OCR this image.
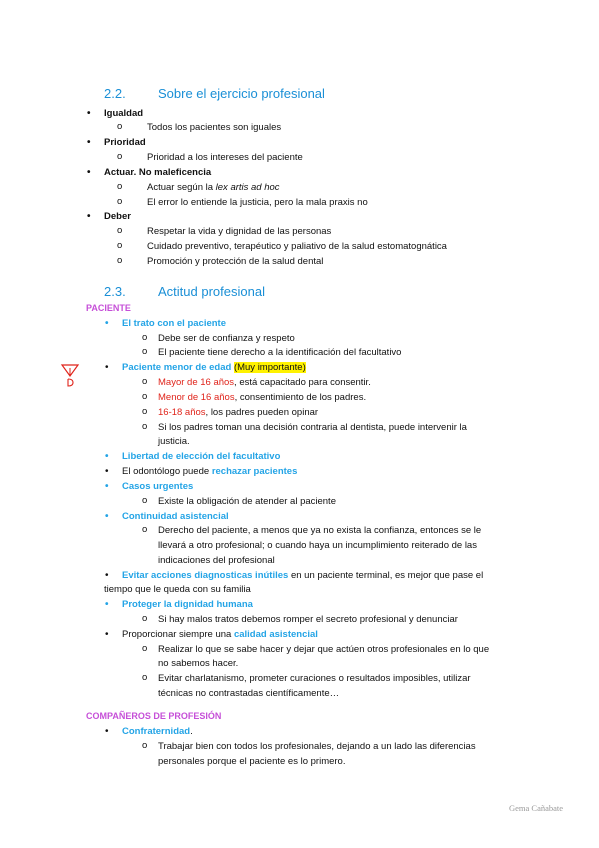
2.2. Sobre el ejercicio profesional
• Igualdad
o Todos los pacientes son iguales
• Prioridad
o Prioridad a los intereses del paciente
• Actuar. No maleficencia
o Actuar según la lex artis ad hoc
o El error lo entiende la justicia, pero la mala praxis no
• Deber
o Respetar la vida y dignidad de las personas
o Cuidado preventivo, terapéutico y paliativo de la salud estomatognática
o Promoción y protección de la salud dental
2.3. Actitud profesional
PACIENTE
• El trato con el paciente
o Debe ser de confianza y respeto
o El paciente tiene derecho a la identificación del facultativo
• Paciente menor de edad (Muy importante)
o Mayor de 16 años, está capacitado para consentir.
o Menor de 16 años, consentimiento de los padres.
o 16-18 años, los padres pueden opinar
o Si los padres toman una decisión contraria al dentista, puede intervenir la
justicia.
• Libertad de elección del facultativo
• El odontólogo puede rechazar pacientes
• Casos urgentes
o Existe la obligación de atender al paciente
• Continuidad asistencial
o Derecho del paciente, a menos que ya no exista la confianza, entonces se le
llevará a otro profesional; o cuando haya un incumplimiento reiterado de las
indicaciones del profesional
• Evitar acciones diagnosticas inútiles en un paciente terminal, es mejor que pase el
tiempo que le queda con su familia
• Proteger la dignidad humana
o Si hay malos tratos debemos romper el secreto profesional y denunciar
• Proporcionar siempre una calidad asistencial
o Realizar lo que se sabe hacer y dejar que actúen otros profesionales en lo que
no sabemos hacer.
o Evitar charlatanismo, prometer curaciones o resultados imposibles, utilizar
técnicas no contrastadas científicamente…
COMPAÑEROS DE PROFESIÓN
• Confraternidad.
o Trabajar bien con todos los profesionales, dejando a un lado las diferencias
personales porque el paciente es lo primero.
Gema Cañabate
